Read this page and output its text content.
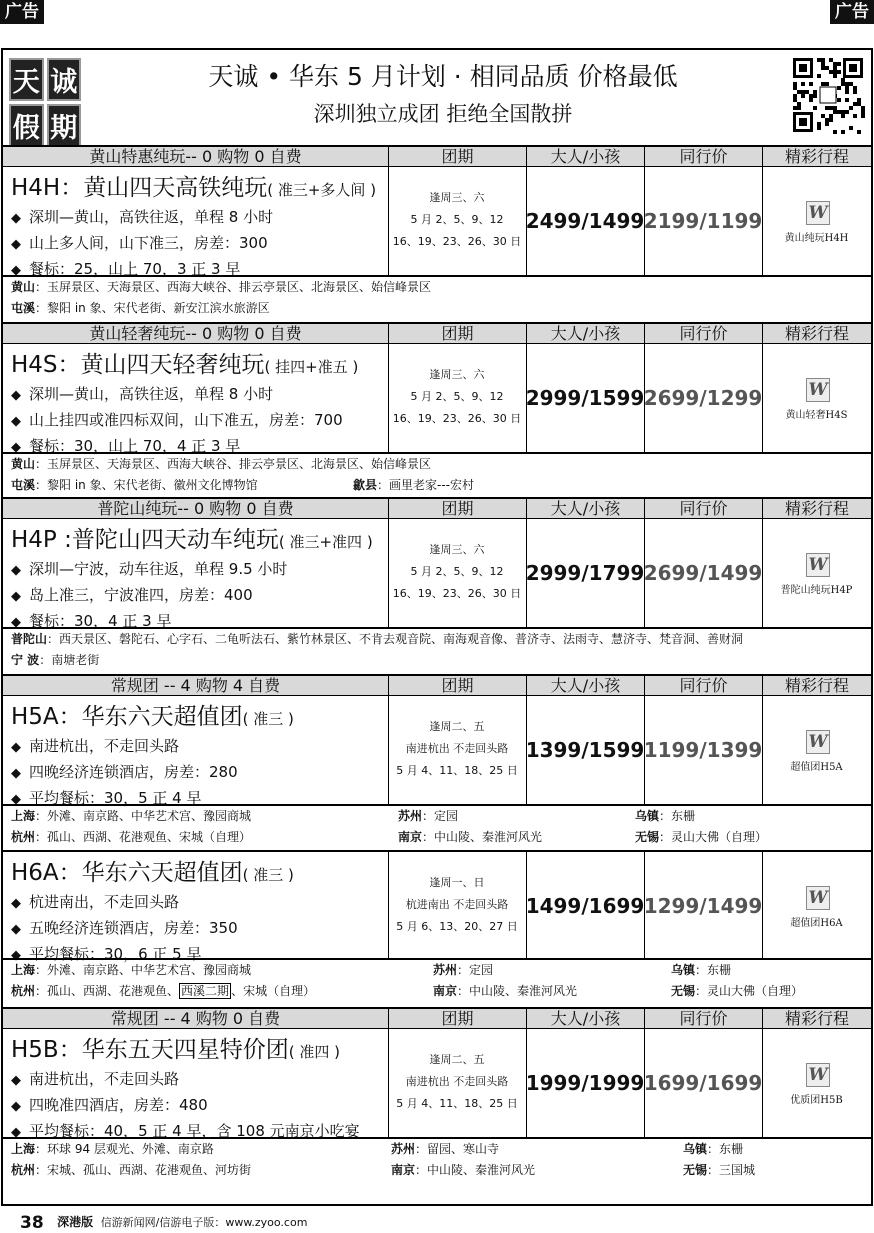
广告	广告
天 诚
假 期
天诚 • 华东 5 月计划 · 相同品质 价格最低
深圳独立成团 拒绝全国散拼
黄山特惠纯玩-- 0 购物 0 自费	团期	大人/小孩	同行价	精彩行程
H4H：黄山四天高铁纯玩( 准三+多人间 )
◆ 深圳—黄山，高铁往返，单程 8 小时
◆ 山上多人间，山下准三，房差：300
◆ 餐标：25，山上 70，3 正 3 早
逢周三、六
5 月 2、5、9、12
16、19、23、26、30 日
2499/1499 2199/1199	W
黄山纯玩H4H
黄山：玉屏景区、天海景区、西海大峡谷、排云亭景区、北海景区、始信峰景区
屯溪：黎阳 in 象、宋代老街、新安江滨水旅游区
黄山轻奢纯玩-- 0 购物 0 自费	团期	大人/小孩	同行价	精彩行程
H4S：黄山四天轻奢纯玩( 挂四+准五 )
◆ 深圳—黄山，高铁往返，单程 8 小时
◆ 山上挂四或准四标双间，山下准五，房差：700
◆ 餐标：30，山上 70，4 正 3 早
逢周三、六
5 月 2、5、9、12
16、19、23、26、30 日
2999/1599 2699/1299	W
黄山轻奢H4S
黄山：玉屏景区、天海景区、西海大峡谷、排云亭景区、北海景区、始信峰景区
屯溪：黎阳 in 象、宋代老街、徽州文化博物馆	歙县：画里老家---宏村
普陀山纯玩-- 0 购物 0 自费	团期	大人/小孩	同行价	精彩行程
H4P :普陀山四天动车纯玩( 准三+准四 )
◆ 深圳—宁波，动车往返，单程 9.5 小时
◆ 岛上准三，宁波准四，房差：400
◆ 餐标：30，4 正 3 早
逢周三、六
5 月 2、5、9、12
16、19、23、26、30 日
2999/1799 2699/1499	W
普陀山纯玩H4P
普陀山：西天景区、磐陀石、心字石、二龟听法石、紫竹林景区、不肯去观音院、南海观音像、普济寺、法雨寺、慧济寺、梵音洞、善财洞
宁 波：南塘老街
常规团 -- 4 购物 4 自费	团期	大人/小孩	同行价	精彩行程
H5A：华东六天超值团( 准三 )
◆ 南进杭出，不走回头路
◆ 四晚经济连锁酒店，房差：280
◆ 平均餐标：30，5 正 4 早
逢周二、五
南进杭出 不走回头路
5 月 4、11、18、25 日
1399/1599 1199/1399	W
超值团H5A
上海：外滩、南京路、中华艺术宫、豫园商城	苏州：定园	乌镇：东栅
杭州：孤山、西湖、花港观鱼、宋城（自理）	南京：中山陵、秦淮河风光	无锡：灵山大佛（自理）
H6A：华东六天超值团( 准三 )
◆ 杭进南出，不走回头路
◆ 五晚经济连锁酒店，房差：350
◆ 平均餐标：30，6 正 5 早
逢周一、日
杭进南出 不走回头路
5 月 6、13、20、27 日
1499/1699 1299/1499	W
超值团H6A
上海：外滩、南京路、中华艺术宫、豫园商城	苏州：定园	乌镇：东栅
杭州：孤山、西湖、花港观鱼、 西溪二期 、宋城（自理）	南京：中山陵、秦淮河风光	无锡：灵山大佛（自理）
常规团 -- 4 购物 0 自费	团期	大人/小孩	同行价	精彩行程
H5B：华东五天四星特价团( 准四 )
◆ 南进杭出，不走回头路
◆ 四晚准四酒店，房差：480
◆ 平均餐标：40，5 正 4 早，含 108 元南京小吃宴
逢周二、五
南进杭出 不走回头路
5 月 4、11、18、25 日
1999/1999 1699/1699	W
优质团H5B
上海：环球 94 层观光、外滩、南京路	苏州：留园、寒山寺	乌镇：东栅
杭州：宋城、孤山、西湖、花港观鱼、河坊街	南京：中山陵、秦淮河风光	无锡：三国城
38 深港版 信游新闻网/信游电子版：www.zyoo.com
